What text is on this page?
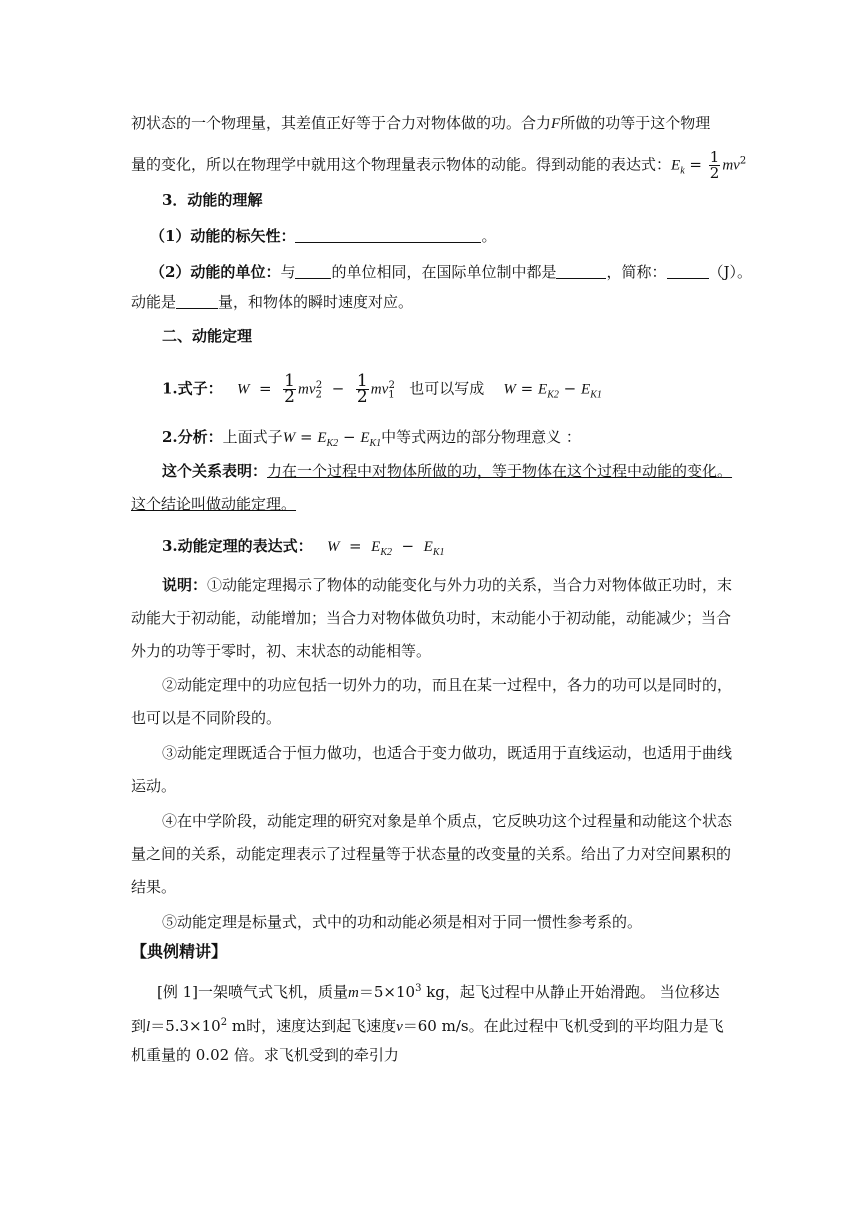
初状态的一个物理量，其差值正好等于合力对物体做的功。合力F所做的功等于这个物理
量的变化，所以在物理学中就用这个物理量表示物体的动能。得到动能的表达式：$E_k = \frac{1}{2} mv^2$
3．动能的理解
（1）动能的标矢性：	。
（2）动能的单位：与 的单位相同，在国际单位制中都是	，简称：	（J）。
动能是	量，和物体的瞬时速度对应。
二、动能定理
1.式子： $W = \frac{1}{2} mv_2^2 - \frac{1}{2} mv_1^2$ 也可以写成 $W = E_{K2} - E_{K1}$
2.分析：上面式子$W = E_{K2} - E_{K1}$中等式两边的部分物理意义 ：
这个关系表明：力在一个过程中对物体所做的功，等于物体在这个过程中动能的变化。
这个结论叫做动能定理。
3.动能定理的表达式： $W = E_{K2} - E_{K1}$
说明：①动能定理揭示了物体的动能变化与外力功的关系，当合力对物体做正功时，末
动能大于初动能，动能增加；当合力对物体做负功时，末动能小于初动能，动能减少；当合
外力的功等于零时，初、末状态的动能相等。
②动能定理中的功应包括一切外力的功，而且在某一过程中，各力的功可以是同时的，
也可以是不同阶段的。
③动能定理既适合于恒力做功，也适合于变力做功，既适用于直线运动，也适用于曲线
运动。
④在中学阶段，动能定理的研究对象是单个质点，它反映功这个过程量和动能这个状态
量之间的关系，动能定理表示了过程量等于状态量的改变量的关系。给出了力对空间累积的
结果。
⑤动能定理是标量式，式中的功和动能必须是相对于同一惯性参考系的。
【典例精讲】
[例 1]一架喷气式飞机，质量$m=5\times 10^3$ kg，起飞过程中从静止开始滑跑。 当位移达
到$l=5.3\times 10^2$ m时，速度达到起飞速度v＝60 m/s。在此过程中飞机受到的平均阻力是飞
机重量的 0.02 倍。求飞机受到的牵引力
